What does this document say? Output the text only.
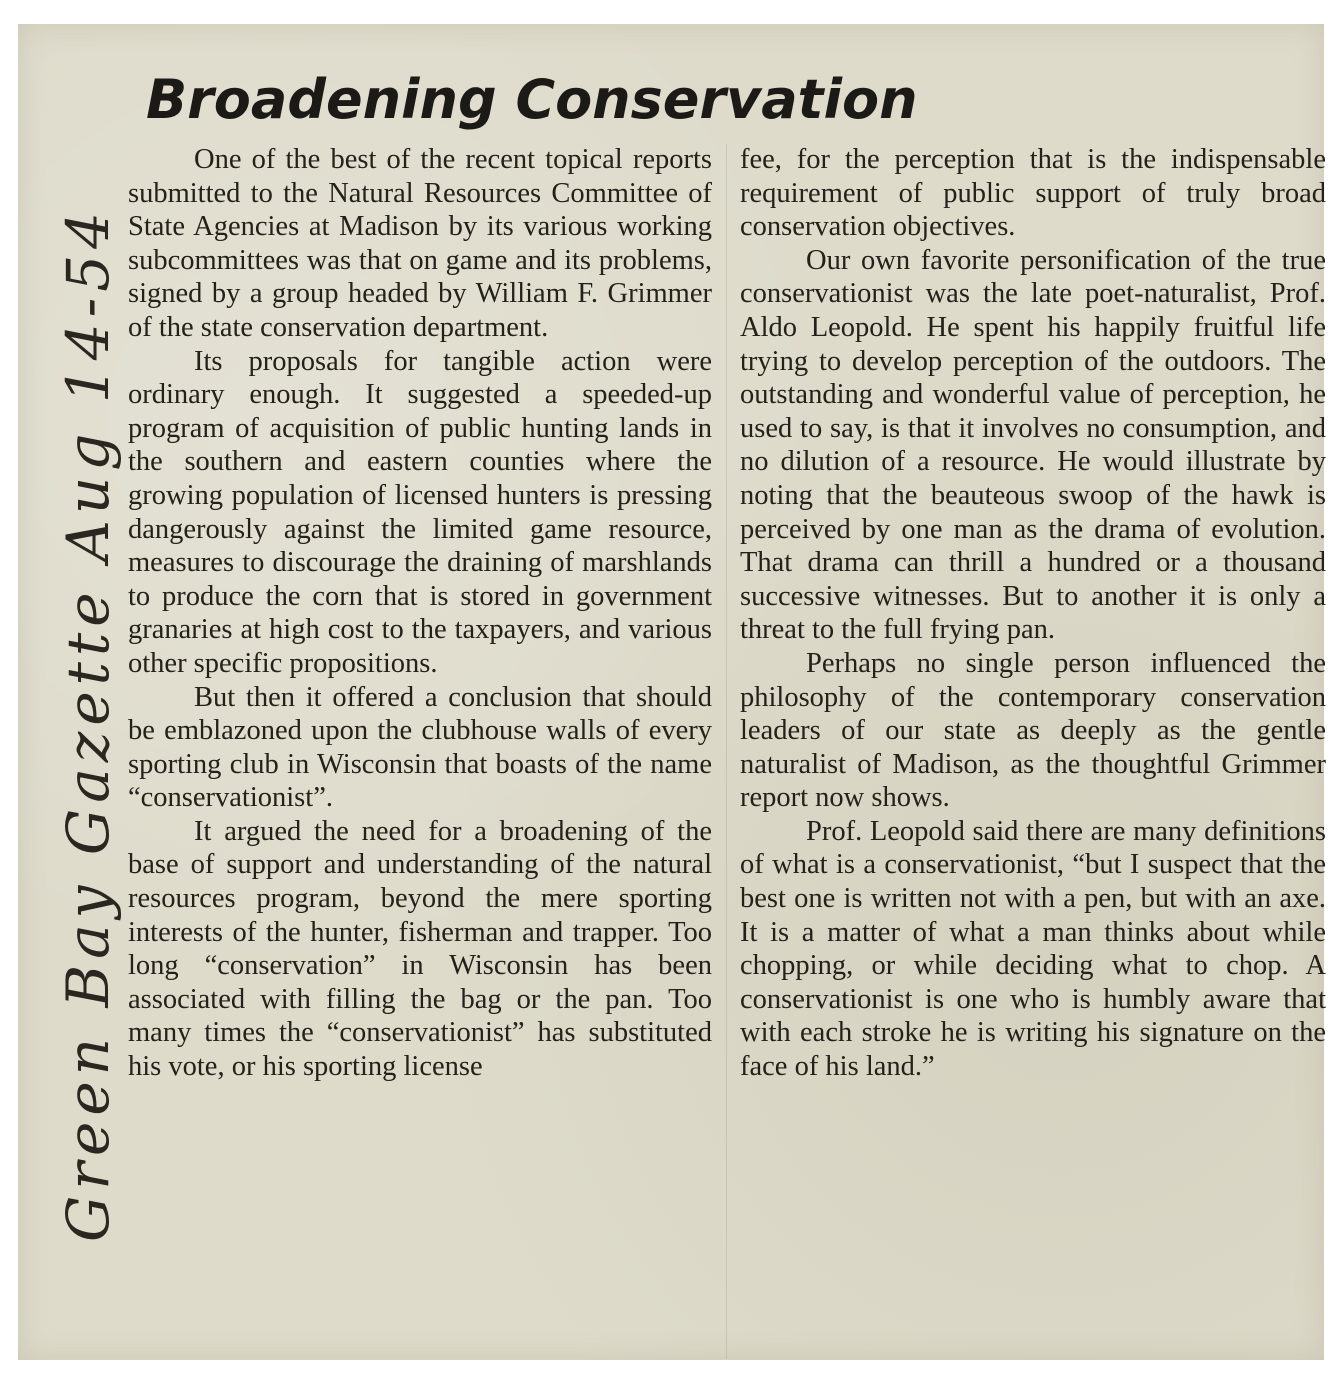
Green Bay Gazette Aug 14-54
Broadening Conservation

One of the best of the recent topical reports submitted to the Natural Resources Committee of State Agencies at Madison by its various working subcommittees was that on game and its problems, signed by a group headed by William F. Grimmer of the state conservation department.

Its proposals for tangible action were ordinary enough. It suggested a speeded-up program of acquisition of public hunting lands in the southern and eastern counties where the growing population of licensed hunters is pressing dangerously against the limited game resource, measures to discourage the draining of marshlands to produce the corn that is stored in government granaries at high cost to the taxpayers, and various other specific propositions.

But then it offered a conclusion that should be emblazoned upon the clubhouse walls of every sporting club in Wisconsin that boasts of the name “conservationist”.

It argued the need for a broadening of the base of support and understanding of the natural resources program, beyond the mere sporting interests of the hunter, fisherman and trapper. Too long “conservation” in Wisconsin has been associated with filling the bag or the pan. Too many times the “conservationist” has substituted his vote, or his sporting license

fee, for the perception that is the indispensable requirement of public support of truly broad conservation objectives.

Our own favorite personification of the true conservationist was the late poet-naturalist, Prof. Aldo Leopold. He spent his happily fruitful life trying to develop perception of the outdoors. The outstanding and wonderful value of perception, he used to say, is that it involves no consumption, and no dilution of a resource. He would illustrate by noting that the beauteous swoop of the hawk is perceived by one man as the drama of evolution. That drama can thrill a hundred or a thousand successive witnesses. But to another it is only a threat to the full frying pan.

Perhaps no single person influenced the philosophy of the contemporary conservation leaders of our state as deeply as the gentle naturalist of Madison, as the thoughtful Grimmer report now shows.

Prof. Leopold said there are many definitions of what is a conservationist, “but I suspect that the best one is written not with a pen, but with an axe. It is a matter of what a man thinks about while chopping, or while deciding what to chop. A conservationist is one who is humbly aware that with each stroke he is writing his signature on the face of his land.”
